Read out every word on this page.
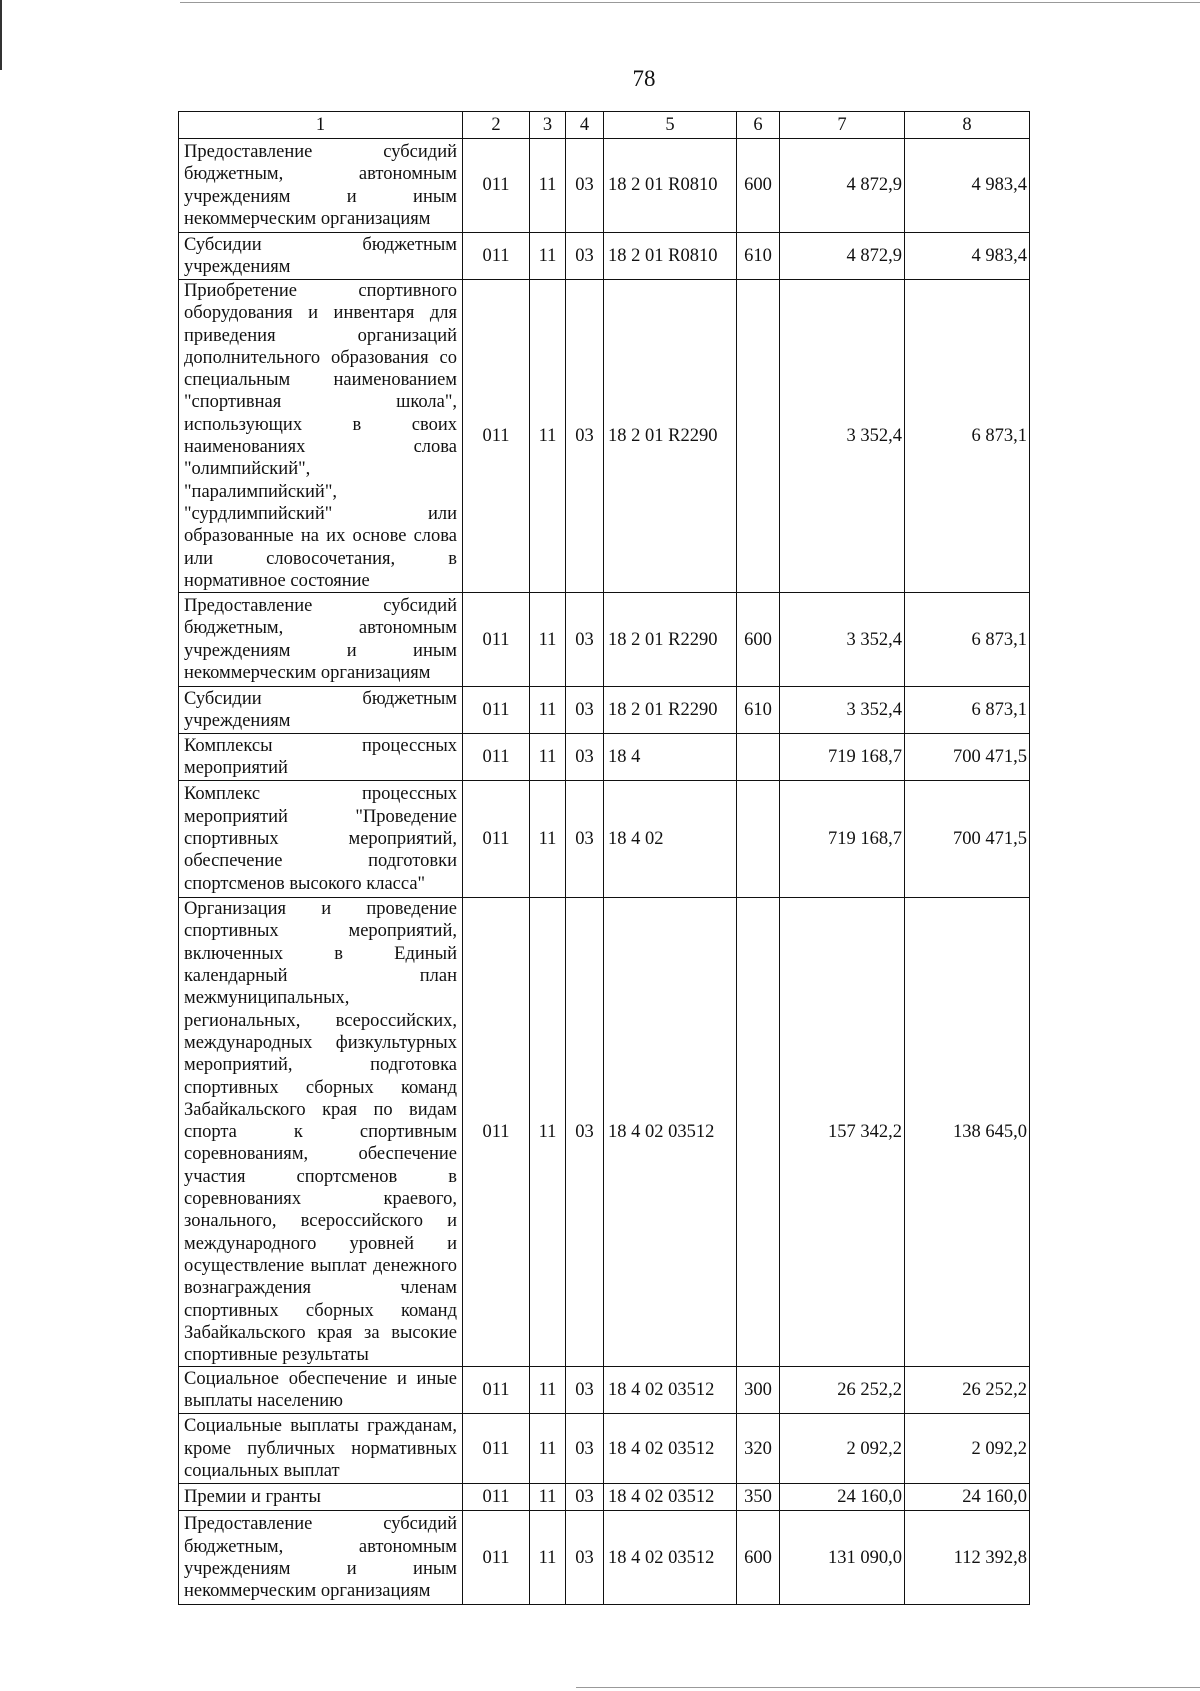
78
1	2	3	4	5	6	7	8
Предоставление субсидий бюджетным, автономным учреждениям и иным некоммерческим организациям	011	11	03	18 2 01 R0810	600	4 872,9	4 983,4
Субсидии бюджетным учреждениям	011	11	03	18 2 01 R0810	610	4 872,9	4 983,4
Приобретение спортивного оборудования и инвентаря для приведения организаций дополнительного образования со специальным наименованием "спортивная школа", использующих в своих наименованиях слова "олимпийский", "паралимпийский", "сурдлимпийский" или образованные на их основе слова или словосочетания, в нормативное состояние	011	11	03	18 2 01 R2290		3 352,4	6 873,1
Предоставление субсидий бюджетным, автономным учреждениям и иным некоммерческим организациям	011	11	03	18 2 01 R2290	600	3 352,4	6 873,1
Субсидии бюджетным учреждениям	011	11	03	18 2 01 R2290	610	3 352,4	6 873,1
Комплексы процессных мероприятий	011	11	03	18 4		719 168,7	700 471,5
Комплекс процессных мероприятий "Проведение спортивных мероприятий, обеспечение подготовки спортсменов высокого класса"	011	11	03	18 4 02		719 168,7	700 471,5
Организация и проведение спортивных мероприятий, включенных в Единый календарный план межмуниципальных, региональных, всероссийских, международных физкультурных мероприятий, подготовка спортивных сборных команд Забайкальского края по видам спорта к спортивным соревнованиям, обеспечение участия спортсменов в соревнованиях краевого, зонального, всероссийского и международного уровней и осуществление выплат денежного вознаграждения членам спортивных сборных команд Забайкальского края за высокие спортивные результаты	011	11	03	18 4 02 03512		157 342,2	138 645,0
Социальное обеспечение и иные выплаты населению	011	11	03	18 4 02 03512	300	26 252,2	26 252,2
Социальные выплаты гражданам, кроме публичных нормативных социальных выплат	011	11	03	18 4 02 03512	320	2 092,2	2 092,2
Премии и гранты	011	11	03	18 4 02 03512	350	24 160,0	24 160,0
Предоставление субсидий бюджетным, автономным учреждениям и иным некоммерческим организациям	011	11	03	18 4 02 03512	600	131 090,0	112 392,8
